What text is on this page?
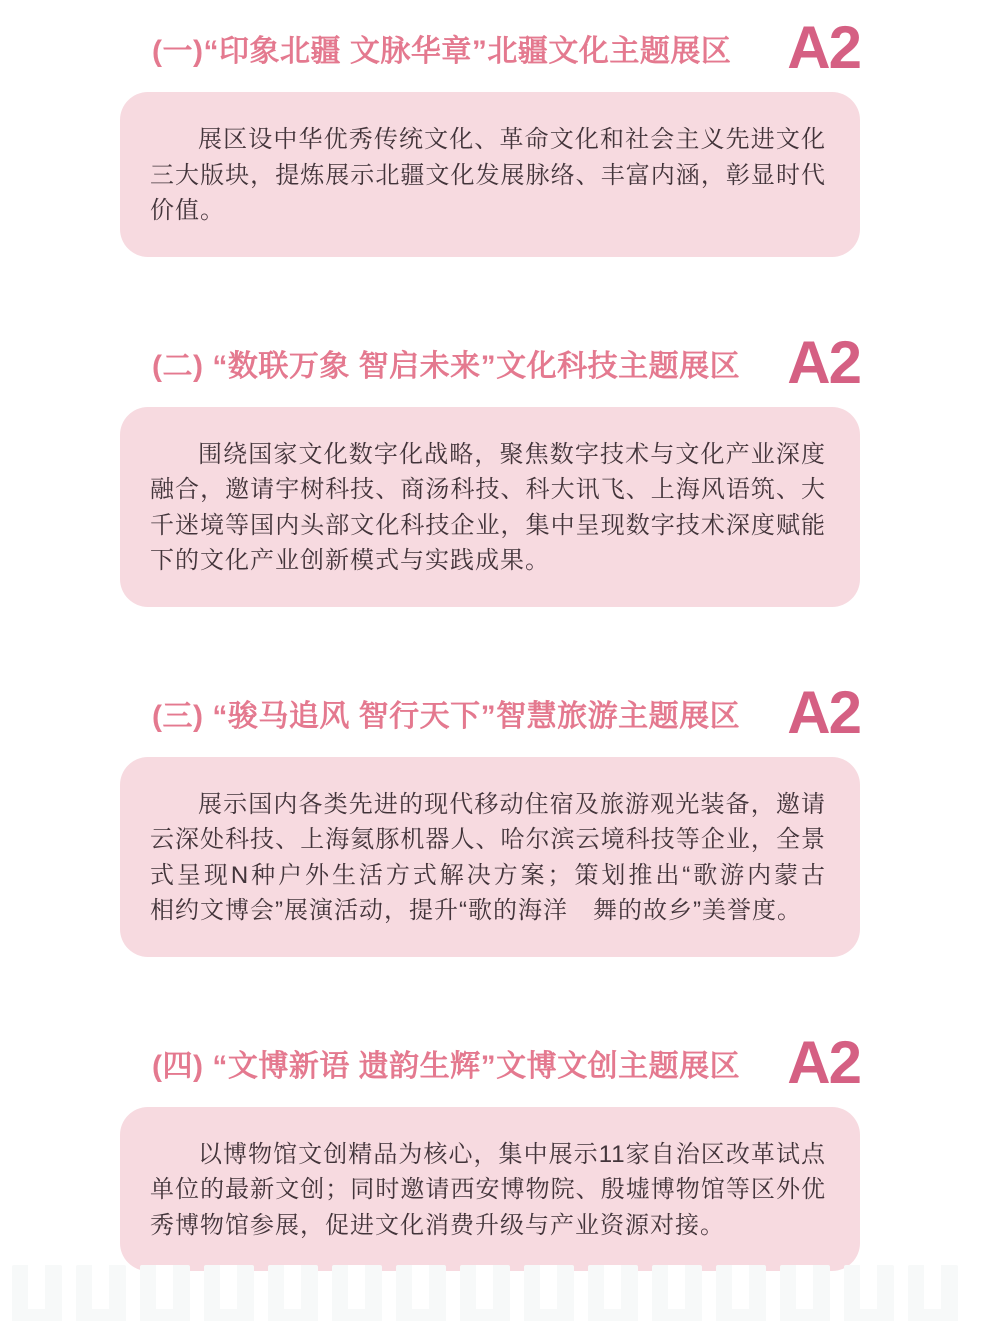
(一)“印象北疆 文脉华章”北疆文化主题展区 A2

展区设中华优秀传统文化、革命文化和社会主义先进文化三大版块，提炼展示北疆文化发展脉络、丰富内涵，彰显时代价值。

(二) “数联万象 智启未来”文化科技主题展区 A2

围绕国家文化数字化战略，聚焦数字技术与文化产业深度融合，邀请宇树科技、商汤科技、科大讯飞、上海风语筑、大千迷境等国内头部文化科技企业，集中呈现数字技术深度赋能下的文化产业创新模式与实践成果。

(三) “骏马追风 智行天下”智慧旅游主题展区 A2

展示国内各类先进的现代移动住宿及旅游观光装备，邀请云深处科技、上海氦豚机器人、哈尔滨云境科技等企业，全景式呈现N种户外生活方式解决方案；策划推出“歌游内蒙古　相约文博会”展演活动，提升“歌的海洋　舞的故乡”美誉度。

(四) “文博新语 遗韵生辉”文博文创主题展区 A2

以博物馆文创精品为核心，集中展示11家自治区改革试点单位的最新文创；同时邀请西安博物院、殷墟博物馆等区外优秀博物馆参展，促进文化消费升级与产业资源对接。
